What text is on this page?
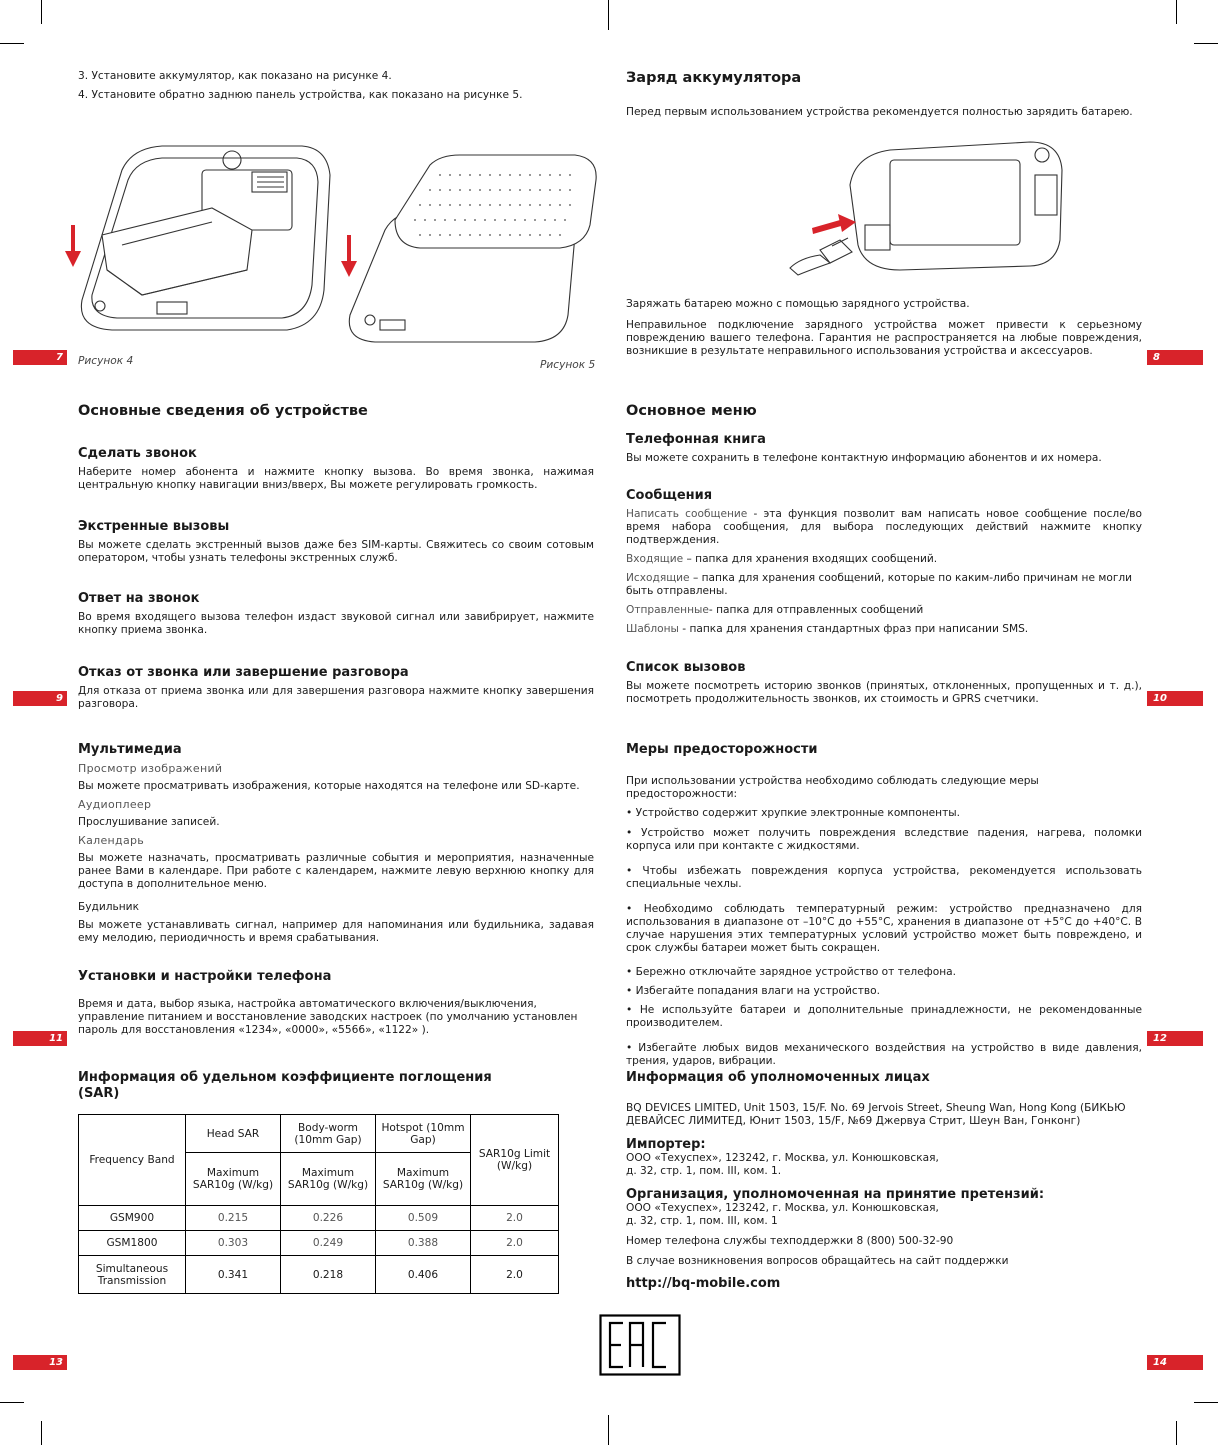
3. Установите аккумулятор, как показано на рисунке 4.

4. Установите обратно заднюю панель устройства, как показано на рисунке 5.

Рисунок 4	Рисунок 5
7

Заряд аккумулятора

Перед первым использованием устройства рекомендуется полностью зарядить батарею.

Заряжать батарею можно с помощью зарядного устройства.

Неправильное подключение зарядного устройства может привести к серьезному повреждению вашего телефона. Гарантия не распространяется на любые повреждения, возникшие в результате неправильного использования устройства и аксессуаров.

8

Основные сведения об устройстве

Сделать звонок

Наберите номер абонента и нажмите кнопку вызова. Во время звонка, нажимая центральную кнопку навигации вниз/вверх, Вы можете регулировать громкость.

Экстренные вызовы

Вы можете сделать экстренный вызов даже без SIM-карты. Свяжитесь со своим сотовым оператором, чтобы узнать телефоны экстренных служб.

Ответ на звонок

Во время входящего вызова телефон издаст звуковой сигнал или завибрирует, нажмите кнопку приема звонка.

Отказ от звонка или завершение разговора

Для отказа от приема звонка или для завершения разговора нажмите кнопку завершения разговора.

9

Основное меню

Телефонная книга

Вы можете сохранить в телефоне контактную информацию абонентов и их номера.

Сообщения

Написать сообщение - эта функция позволит вам написать новое сообщение после/во время набора сообщения, для выбора последующих действий нажмите кнопку подтверждения.

Входящие – папка для хранения входящих сообщений.

Исходящие – папка для хранения сообщений, которые по каким-либо причинам не могли быть отправлены.

Отправленные- папка для отправленных сообщений

Шаблоны - папка для хранения стандартных фраз при написании SMS.

Список вызовов

Вы можете посмотреть историю звонков (принятых, отклоненных, пропущенных и т. д.), посмотреть продолжительность звонков, их стоимость и GPRS счетчики.	10

Мультимедиа

Просмотр изображений

Вы можете просматривать изображения, которые находятся на телефоне или SD-карте.

Аудиоплеер

Прослушивание записей.

Календарь

Вы можете назначать, просматривать различные события и мероприятия, назначенные ранее Вами в календаре. При работе с календарем, нажмите левую верхнюю кнопку для доступа в дополнительное меню.

Будильник

Вы можете устанавливать сигнал, например для напоминания или будильника, задавая ему мелодию, периодичность и время срабатывания.

Установки и настройки телефона

Время и дата, выбор языка, настройка автоматического включения/выключения, управление питанием и восстановление заводских настроек (по умолчанию установлен пароль для восстановления «1234», «0000», «5566», «1122» ).

11

Меры предосторожности

При использовании устройства необходимо соблюдать следующие меры предосторожности:

• Устройство содержит хрупкие электронные компоненты.

• Устройство может получить повреждения вследствие падения, нагрева, поломки корпуса или при контакте с жидкостями.

• Чтобы избежать повреждения корпуса устройства, рекомендуется использовать специальные чехлы.

• Необходимо соблюдать температурный режим: устройство предназначено для использования в диапазоне от –10°C до +55°C, хранения в диапазоне от +5°C до +40°C. В случае нарушения этих температурных условий устройство может быть повреждено, и срок службы батареи может быть сокращен.

• Бережно отключайте зарядное устройство от телефона.

• Избегайте попадания влаги на устройство.

• Не используйте батареи и дополнительные принадлежности, не рекомендованные производителем.

• Избегайте любых видов механического воздействия на устройство в виде давления, трения, ударов, вибрации.

12

Информация об удельном коэффициенте поглощения (SAR)

Frequency Band	Head SAR	Body-worm (10mm Gap)	Hotspot (10mm Gap)	SAR10g Limit (W/kg)
	Maximum SAR10g (W/kg)	Maximum SAR10g (W/kg)	Maximum SAR10g (W/kg)	
GSM900	0.215	0.226	0.509	2.0
GSM1800	0.303	0.249	0.388	2.0
Simultaneous Transmission	0.341	0.218	0.406	2.0
13

Информация об уполномоченных лицах

BQ DEVICES LIMITED, Unit 1503, 15/F. No. 69 Jervois Street, Sheung Wan, Hong Kong (БИКЬЮ ДЕВАЙСЕС ЛИМИТЕД, Юнит 1503, 15/F, №69 Джервуа Стрит, Шеун Ван, Гонконг)

Импортер:

ООО «Техуспех», 123242, г. Москва, ул. Конюшковская,

д. 32, стр. 1, пом. III, ком. 1.

Организация, уполномоченная на принятие претензий:

ООО «Техуспех», 123242, г. Москва, ул. Конюшковская,

д. 32, стр. 1, пом. III, ком. 1

Номер телефона службы техподдержки 8 (800) 500-32-90

В случае возникновения вопросов обращайтесь на сайт поддержки

http://bq-mobile.com

14
